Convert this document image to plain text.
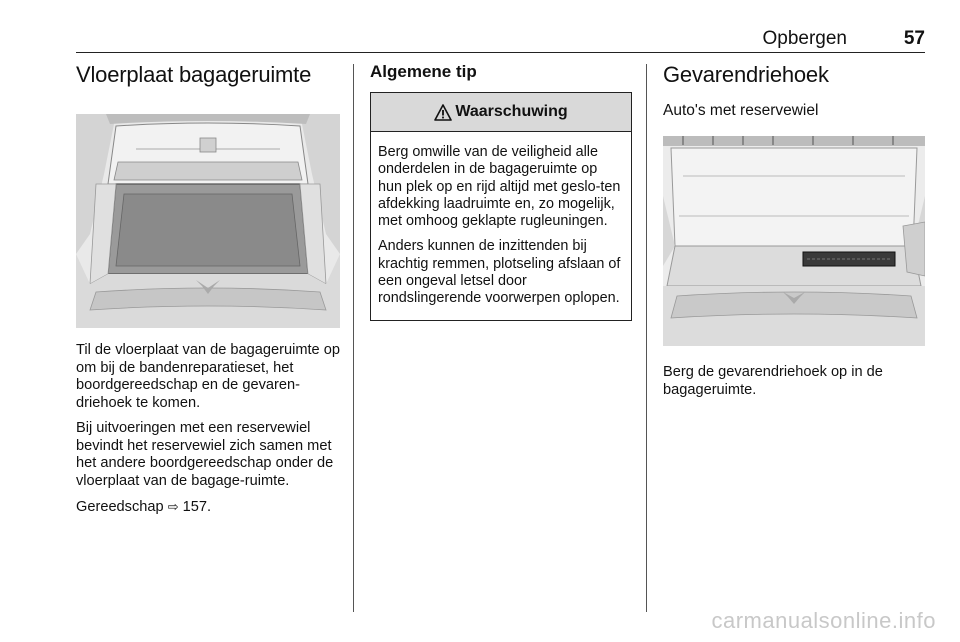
Opbergen	57
Vloerplaat bagageruimte

Til de vloerplaat van de bagageruimte op om bij de bandenreparatieset, het boordgereedschap en de gevaren-driehoek te komen.

Bij uitvoeringen met een reservewiel bevindt het reservewiel zich samen met het andere boordgereedschap onder de vloerplaat van de bagage-ruimte.

Gereedschap ⇨ 157.

Algemene tip
Waarschuwing

Berg omwille van de veiligheid alle onderdelen in de bagageruimte op hun plek op en rijd altijd met geslo-ten afdekking laadruimte en, zo mogelijk, met omhoog geklapte rugleuningen.

Anders kunnen de inzittenden bij krachtig remmen, plotseling afslaan of een ongeval letsel door rondslingerende voorwerpen oplopen.

Gevarendriehoek
Auto's met reservewiel

Berg de gevarendriehoek op in de bagageruimte.

carmanualsonline.info
